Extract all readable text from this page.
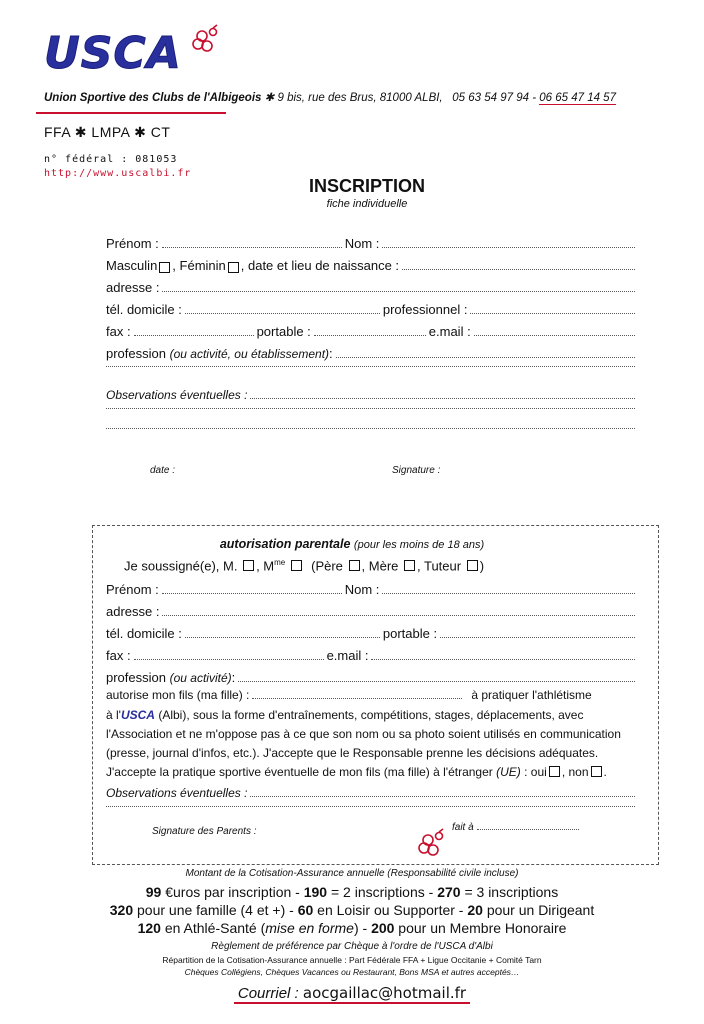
USCA
Union Sportive des Clubs de l'Albigeois ✱ 9 bis, rue des Brus, 81000 ALBI, 05 63 54 97 94 - 06 65 47 14 57
FFA ✱ LMPA ✱ CT
n° fédéral : 081053
http://www.uscalbi.fr
INSCRIPTION
fiche individuelle
Prénom :	Nom :
Masculin , Féminin , date et lieu de naissance :
adresse :
tél. domicile :	professionnel :
fax :	portable :	e.mail :
profession
(ou activité, ou établissement) :
Observations éventuelles :
date :	Signature :
autorisation parentale (pour les moins de 18 ans)
Je soussigné(e), M. , $M^{me}$ (Père , Mère , Tuteur )
Prénom :	Nom :
adresse :
tél. domicile :	portable :
fax :	e.mail :
profession
(ou activité) :
autorise mon fils (ma fille) :	à pratiquer l'athlétisme
à l'USCA (Albi), sous la forme d'entraînements, compétitions, stages, déplacements, avec
l'Association et ne m'oppose pas à ce que son nom ou sa photo soient utilisés en communication
(presse, journal d'infos, etc.). J'accepte que le Responsable prenne les décisions adéquates.
J'accepte la pratique sportive éventuelle de mon fils (ma fille) à l'étranger (UE) : oui , non .
Observations éventuelles :
Signature des Parents :	fait à
Montant de la Cotisation-Assurance annuelle (Responsabilité civile incluse)
99 €uros par inscription - 190 = 2 inscriptions - 270 = 3 inscriptions
320 pour une famille (4 et +) - 60 en Loisir ou Supporter - 20 pour un Dirigeant
120 en Athlé-Santé (mise en forme) - 200 pour un Membre Honoraire
Règlement de préférence par Chèque à l'ordre de l'USCA d'Albi
Répartition de la Cotisation-Assurance annuelle : Part Fédérale FFA + Ligue Occitanie + Comité Tarn
Chèques Collégiens, Chèques Vacances ou Restaurant, Bons MSA et autres acceptés…
Courriel : aocgaillac@hotmail.fr
